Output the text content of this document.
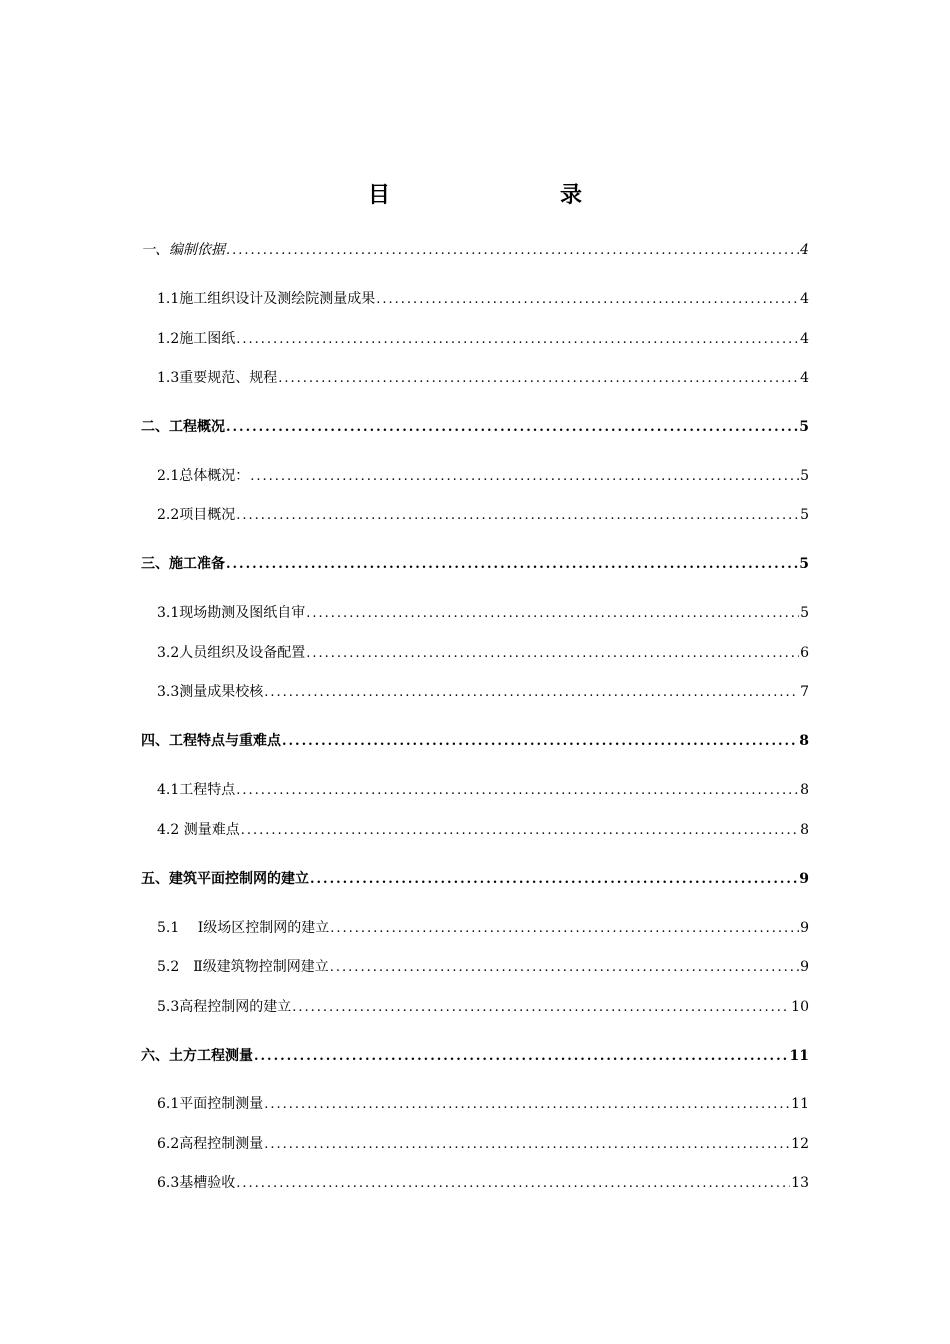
目　　录
一、编制依据 .....	4
1.1施工组织设计及测绘院测量成果 .....	4
1.2施工图纸 .....	4
1.3重要规范、规程 .....	4
二、工程概况 .....	5
2.1总体概况： .....	5
2.2项目概况 .....	5
三、施工准备 .....	5
3.1现场勘测及图纸自审 .....	5
3.2人员组织及设备配置 .....	6
3.3测量成果校核 .....	7
四、工程特点与重难点 .....	8
4.1工程特点 .....	8
4.2 测量难点 .....	8
五、建筑平面控制网的建立 .....	9
5.1　 Ⅰ级场区控制网的建立 .....	9
5.2　Ⅱ级建筑物控制网建立 .....	9
5.3高程控制网的建立 .....	10
六、土方工程测量 .....	11
6.1平面控制测量 .....	11
6.2高程控制测量 .....	12
6.3基槽验收 .....	13
